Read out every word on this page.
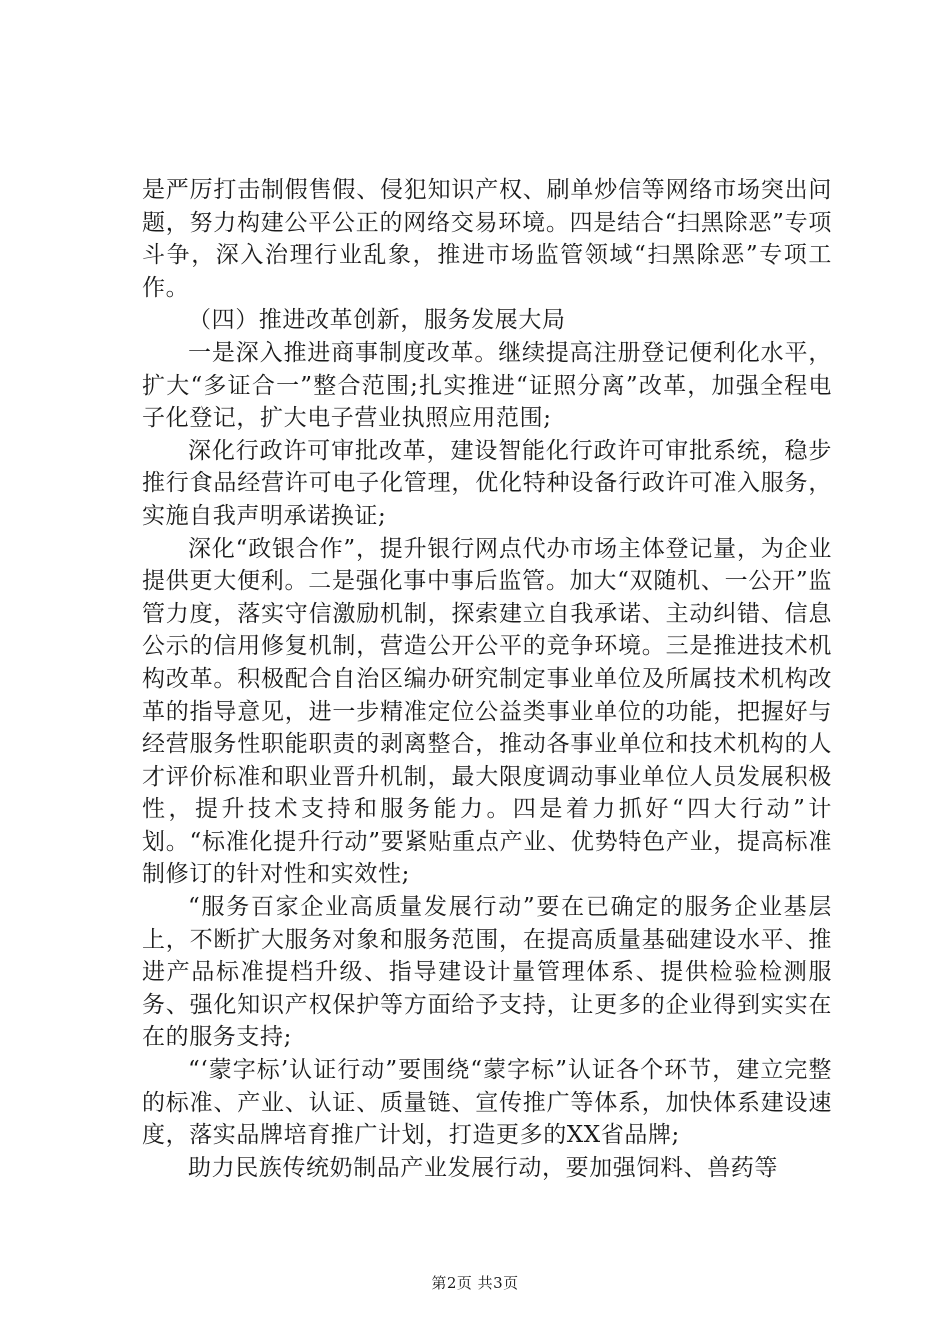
是严厉打击制假售假、侵犯知识产权、刷单炒信等网络市场突出问题，努力构建公平公正的网络交易环境。四是结合“扫黑除恶”专项斗争，深入治理行业乱象，推进市场监管领域“扫黑除恶”专项工作。

（四）推进改革创新，服务发展大局

一是深入推进商事制度改革。继续提高注册登记便利化水平，扩大“多证合一”整合范围;扎实推进“证照分离”改革，加强全程电子化登记，扩大电子营业执照应用范围;

深化行政许可审批改革，建设智能化行政许可审批系统，稳步推行食品经营许可电子化管理，优化特种设备行政许可准入服务，实施自我声明承诺换证;

深化“政银合作”，提升银行网点代办市场主体登记量，为企业提供更大便利。二是强化事中事后监管。加大“双随机、一公开”监管力度，落实守信激励机制，探索建立自我承诺、主动纠错、信息公示的信用修复机制，营造公开公平的竞争环境。三是推进技术机构改革。积极配合自治区编办研究制定事业单位及所属技术机构改革的指导意见，进一步精准定位公益类事业单位的功能，把握好与经营服务性职能职责的剥离整合，推动各事业单位和技术机构的人才评价标准和职业晋升机制，最大限度调动事业单位人员发展积极性，提升技术支持和服务能力。四是着力抓好“四大行动”计划。“标准化提升行动”要紧贴重点产业、优势特色产业，提高标准制修订的针对性和实效性;

“服务百家企业高质量发展行动”要在已确定的服务企业基层上，不断扩大服务对象和服务范围，在提高质量基础建设水平、推进产品标准提档升级、指导建设计量管理体系、提供检验检测服务、强化知识产权保护等方面给予支持，让更多的企业得到实实在在的服务支持;

“‘蒙字标’认证行动”要围绕“蒙字标”认证各个环节，建立完整的标准、产业、认证、质量链、宣传推广等体系，加快体系建设速度，落实品牌培育推广计划，打造更多的XX省品牌;

助力民族传统奶制品产业发展行动，要加强饲料、兽药等

第2页 共3页
